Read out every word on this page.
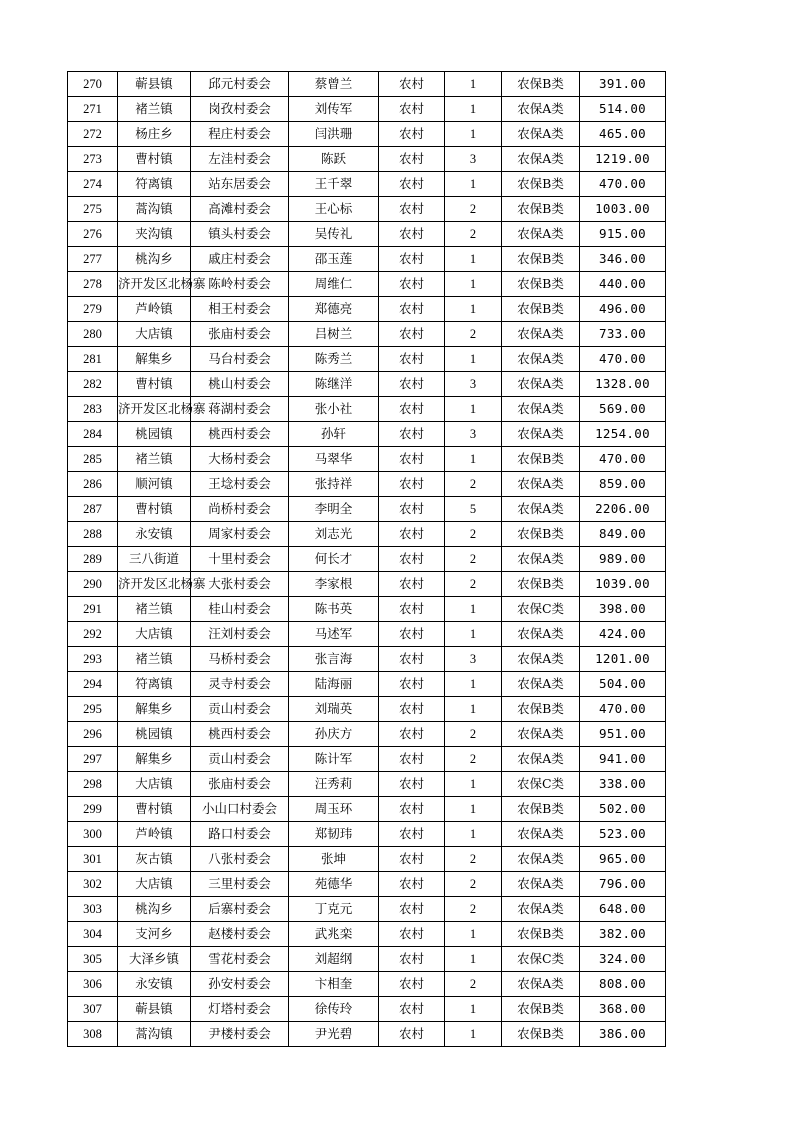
270	蕲县镇	邱元村委会	蔡曾兰	农村	1	农保B类	391.00
271	褚兰镇	岗孜村委会	刘传军	农村	1	农保A类	514.00
272	杨庄乡	程庄村委会	闫洪珊	农村	1	农保A类	465.00
273	曹村镇	左洼村委会	陈跃	农村	3	农保A类	1219.00
274	符离镇	站东居委会	王千翠	农村	1	农保B类	470.00
275	蒿沟镇	高滩村委会	王心标	农村	2	农保B类	1003.00
276	夹沟镇	镇头村委会	吴传礼	农村	2	农保A类	915.00
277	桃沟乡	戚庄村委会	邵玉莲	农村	1	农保B类	346.00
278	济开发区北杨寨	陈岭村委会	周维仁	农村	1	农保B类	440.00
279	芦岭镇	相王村委会	郑德亮	农村	1	农保B类	496.00
280	大店镇	张庙村委会	吕树兰	农村	2	农保A类	733.00
281	解集乡	马台村委会	陈秀兰	农村	1	农保A类	470.00
282	曹村镇	桃山村委会	陈继洋	农村	3	农保A类	1328.00
283	济开发区北杨寨	蒋湖村委会	张小社	农村	1	农保A类	569.00
284	桃园镇	桃西村委会	孙轩	农村	3	农保A类	1254.00
285	褚兰镇	大杨村委会	马翠华	农村	1	农保B类	470.00
286	顺河镇	王埝村委会	张持祥	农村	2	农保A类	859.00
287	曹村镇	尚桥村委会	李明全	农村	5	农保A类	2206.00
288	永安镇	周家村委会	刘志光	农村	2	农保B类	849.00
289	三八街道	十里村委会	何长才	农村	2	农保A类	989.00
290	济开发区北杨寨	大张村委会	李家根	农村	2	农保B类	1039.00
291	褚兰镇	桂山村委会	陈书英	农村	1	农保C类	398.00
292	大店镇	汪刘村委会	马述军	农村	1	农保A类	424.00
293	褚兰镇	马桥村委会	张言海	农村	3	农保A类	1201.00
294	符离镇	灵寺村委会	陆海丽	农村	1	农保A类	504.00
295	解集乡	贡山村委会	刘瑞英	农村	1	农保B类	470.00
296	桃园镇	桃西村委会	孙庆方	农村	2	农保A类	951.00
297	解集乡	贡山村委会	陈计军	农村	2	农保A类	941.00
298	大店镇	张庙村委会	汪秀莉	农村	1	农保C类	338.00
299	曹村镇	小山口村委会	周玉环	农村	1	农保B类	502.00
300	芦岭镇	路口村委会	郑韧玮	农村	1	农保A类	523.00
301	灰古镇	八张村委会	张坤	农村	2	农保A类	965.00
302	大店镇	三里村委会	苑德华	农村	2	农保A类	796.00
303	桃沟乡	后寨村委会	丁克元	农村	2	农保A类	648.00
304	支河乡	赵楼村委会	武兆栾	农村	1	农保B类	382.00
305	大泽乡镇	雪花村委会	刘超纲	农村	1	农保C类	324.00
306	永安镇	孙安村委会	卞相奎	农村	2	农保A类	808.00
307	蕲县镇	灯塔村委会	徐传玲	农村	1	农保B类	368.00
308	蒿沟镇	尹楼村委会	尹光碧	农村	1	农保B类	386.00
